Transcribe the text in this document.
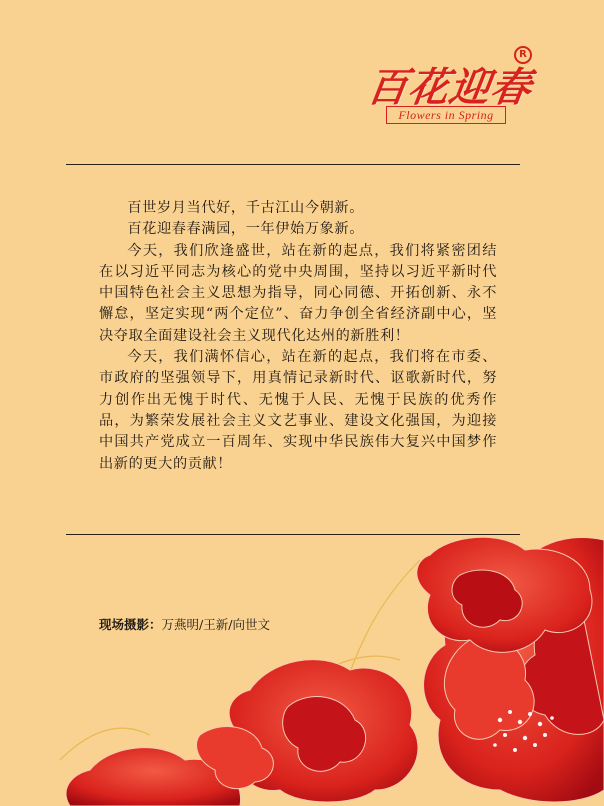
百花迎春
R
Flowers in Spring

百世岁月当代好，千古江山今朝新。

百花迎春春满园，一年伊始万象新。

今天，我们欣逢盛世，站在新的起点，我们将紧密团结在以习近平同志为核心的党中央周围，坚持以习近平新时代中国特色社会主义思想为指导，同心同德、开拓创新、永不懈怠，坚定实现“两个定位”、奋力争创全省经济副中心，坚决夺取全面建设社会主义现代化达州的新胜利！

今天，我们满怀信心，站在新的起点，我们将在市委、市政府的坚强领导下，用真情记录新时代、讴歌新时代，努力创作出无愧于时代、无愧于人民、无愧于民族的优秀作品，为繁荣发展社会主义文艺事业、建设文化强国，为迎接中国共产党成立一百周年、实现中华民族伟大复兴中国梦作出新的更大的贡献！

现场摄影：万燕明/王新/向世文
